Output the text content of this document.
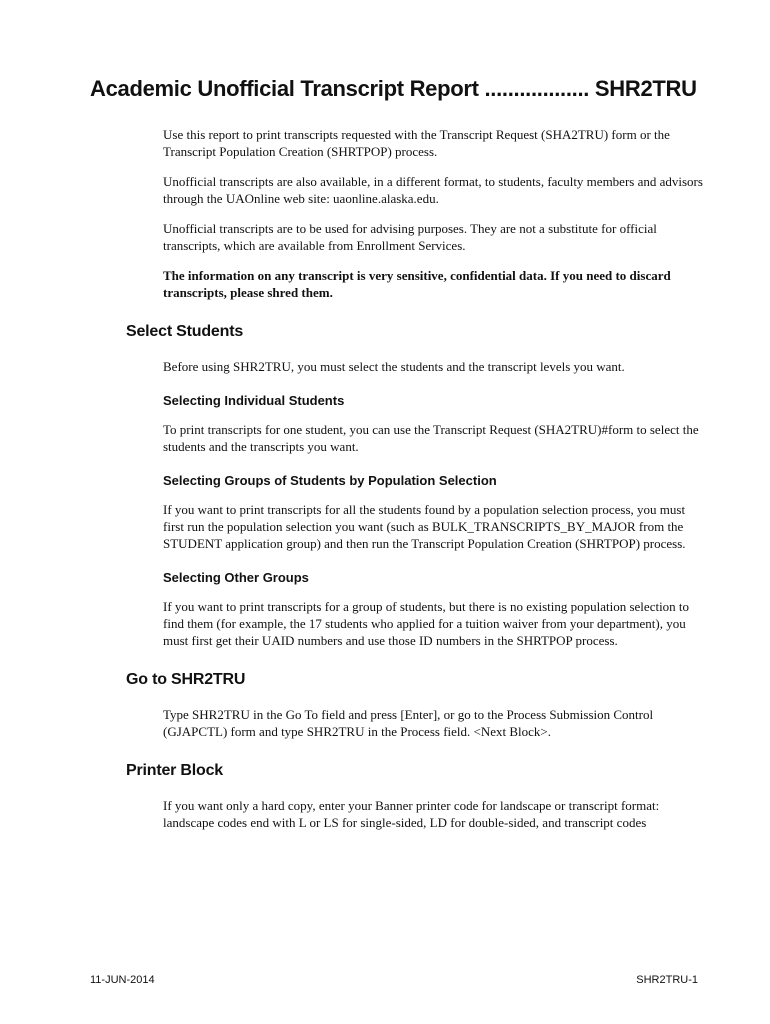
Academic Unofficial Transcript Report .................. SHR2TRU

Use this report to print transcripts requested with the Transcript Request (SHA2TRU) form or the Transcript Population Creation (SHRTPOP) process.

Unofficial transcripts are also available, in a different format, to students, faculty members and advisors through the UAOnline web site: uaonline.alaska.edu.

Unofficial transcripts are to be used for advising purposes. They are not a substitute for official transcripts, which are available from Enrollment Services.

The information on any transcript is very sensitive, confidential data. If you need to discard transcripts, please shred them.

Select Students

Before using SHR2TRU, you must select the students and the transcript levels you want.

Selecting Individual Students

To print transcripts for one student, you can use the Transcript Request (SHA2TRU)#form to select the students and the transcripts you want.

Selecting Groups of Students by Population Selection

If you want to print transcripts for all the students found by a population selection process, you must first run the population selection you want (such as BULK_TRANSCRIPTS_BY_MAJOR from the STUDENT application group) and then run the Transcript Population Creation (SHRTPOP) process.

Selecting Other Groups

If you want to print transcripts for a group of students, but there is no existing population selection to find them (for example, the 17 students who applied for a tuition waiver from your department), you must first get their UAID numbers and use those ID numbers in the SHRTPOP process.

Go to SHR2TRU

Type SHR2TRU in the Go To field and press [Enter], or go to the Process Submission Control (GJAPCTL) form and type SHR2TRU in the Process field. <Next Block>.

Printer Block

If you want only a hard copy, enter your Banner printer code for landscape or transcript format: landscape codes end with L or LS for single-sided, LD for double-sided, and transcript codes

11-JUN-2014	SHR2TRU-1
